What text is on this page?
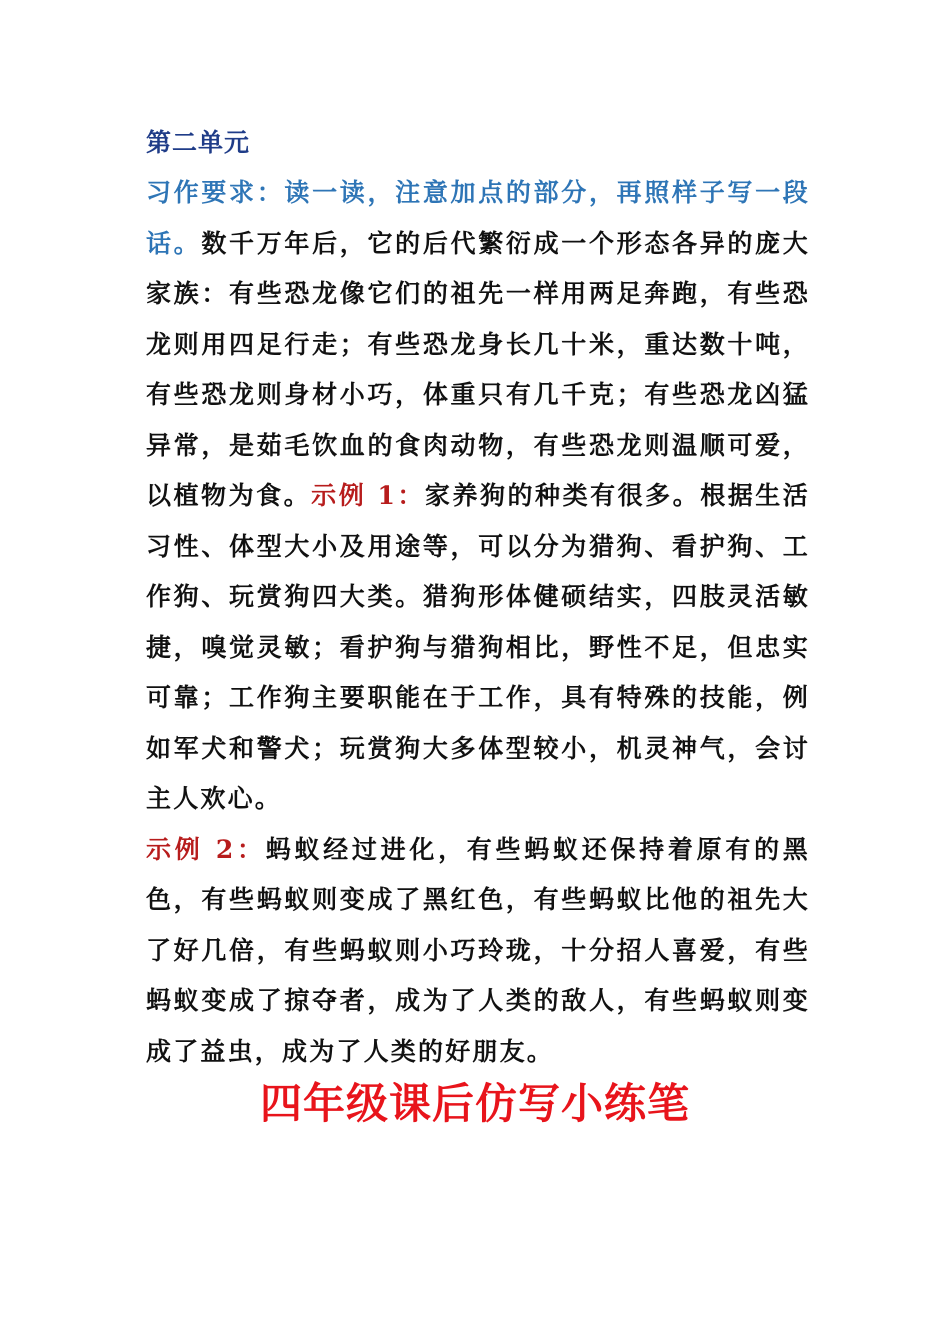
第二单元

习作要求：读一读，注意加点的部分，再照样子写一段话。数千万年后，它的后代繁衍成一个形态各异的庞大家族：有些恐龙像它们的祖先一样用两足奔跑，有些恐龙则用四足行走；有些恐龙身长几十米，重达数十吨，有些恐龙则身材小巧，体重只有几千克；有些恐龙凶猛异常，是茹毛饮血的食肉动物，有些恐龙则温顺可爱，以植物为食。示例 1：家养狗的种类有很多。根据生活习性、体型大小及用途等，可以分为猎狗、看护狗、工作狗、玩赏狗四大类。猎狗形体健硕结实，四肢灵活敏捷，嗅觉灵敏；看护狗与猎狗相比，野性不足，但忠实可靠；工作狗主要职能在于工作，具有特殊的技能，例如军犬和警犬；玩赏狗大多体型较小，机灵神气，会讨主人欢心。

示例 2：蚂蚁经过进化，有些蚂蚁还保持着原有的黑色，有些蚂蚁则变成了黑红色，有些蚂蚁比他的祖先大了好几倍，有些蚂蚁则小巧玲珑，十分招人喜爱，有些蚂蚁变成了掠夺者，成为了人类的敌人，有些蚂蚁则变成了益虫，成为了人类的好朋友。

四年级课后仿写小练笔
